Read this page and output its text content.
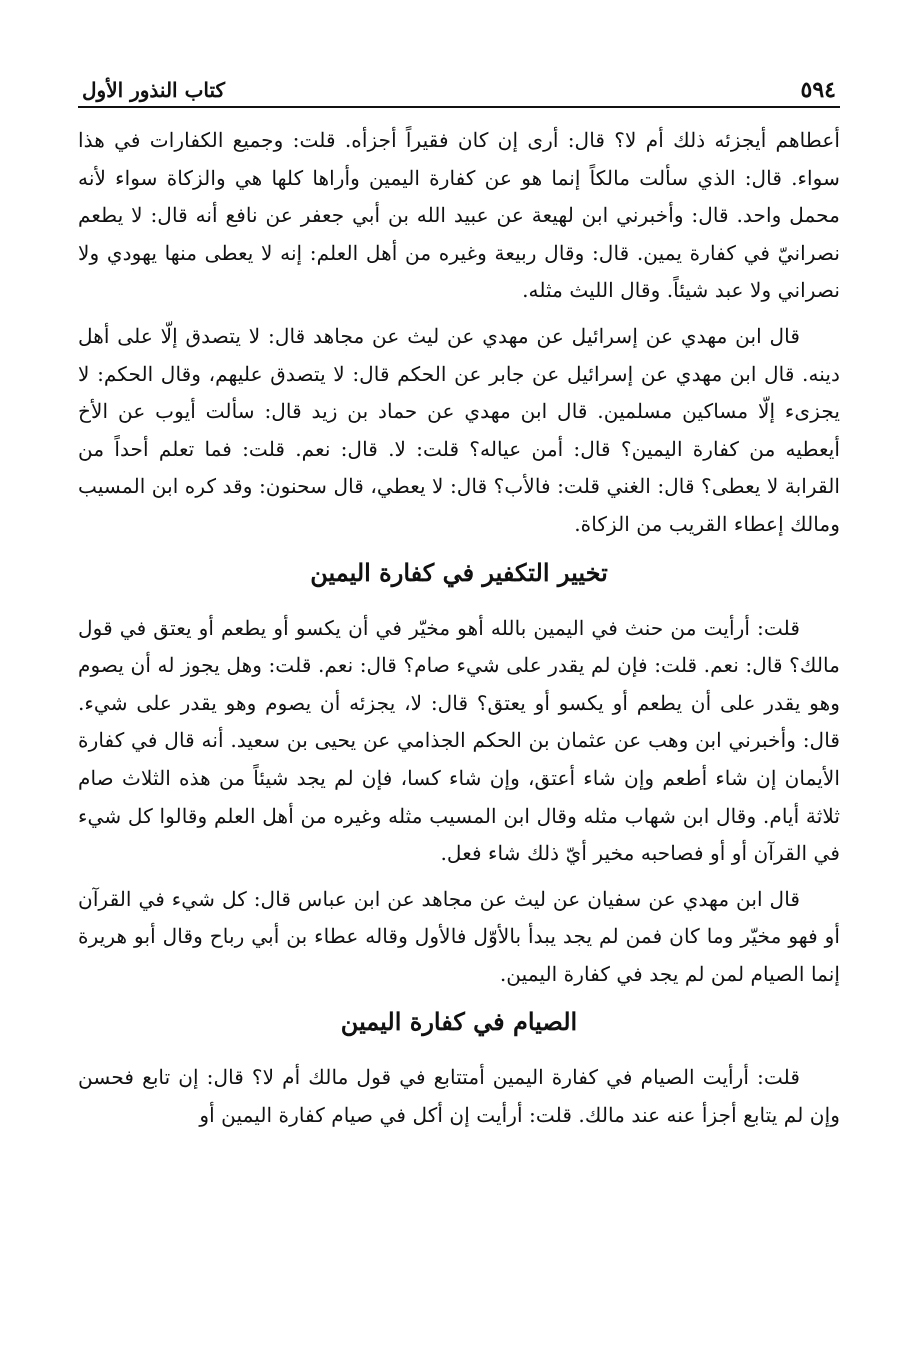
٥٩٤
كتاب النذور الأول

أعطاهم أيجزئه ذلك أم لا؟ قال: أرى إن كان فقيراً أجزأه. قلت: وجميع الكفارات في هذا سواء. قال: الذي سألت مالكاً إنما هو عن كفارة اليمين وأراها كلها هي والزكاة سواء لأنه محمل واحد. قال: وأخبرني ابن لهيعة عن عبيد الله بن أبي جعفر عن نافع أنه قال: لا يطعم نصرانيّ في كفارة يمين. قال: وقال ربيعة وغيره من أهل العلم: إنه لا يعطى منها يهودي ولا نصراني ولا عبد شيئاً. وقال الليث مثله.

قال ابن مهدي عن إسرائيل عن مهدي عن ليث عن مجاهد قال: لا يتصدق إلّا على أهل دينه. قال ابن مهدي عن إسرائيل عن جابر عن الحكم قال: لا يتصدق عليهم، وقال الحكم: لا يجزىء إلّا مساكين مسلمين. قال ابن مهدي عن حماد بن زيد قال: سألت أيوب عن الأخ أيعطيه من كفارة اليمين؟ قال: أمن عياله؟ قلت: لا. قال: نعم. قلت: فما تعلم أحداً من القرابة لا يعطى؟ قال: الغني قلت: فالأب؟ قال: لا يعطي، قال سحنون: وقد كره ابن المسيب ومالك إعطاء القريب من الزكاة.

تخيير التكفير في كفارة اليمين

قلت: أرأيت من حنث في اليمين بالله أهو مخيّر في أن يكسو أو يطعم أو يعتق في قول مالك؟ قال: نعم. قلت: فإن لم يقدر على شيء صام؟ قال: نعم. قلت: وهل يجوز له أن يصوم وهو يقدر على أن يطعم أو يكسو أو يعتق؟ قال: لا، يجزئه أن يصوم وهو يقدر على شيء. قال: وأخبرني ابن وهب عن عثمان بن الحكم الجذامي عن يحيى بن سعيد. أنه قال في كفارة الأيمان إن شاء أطعم وإن شاء أعتق، وإن شاء كسا، فإن لم يجد شيئاً من هذه الثلاث صام ثلاثة أيام. وقال ابن شهاب مثله وقال ابن المسيب مثله وغيره من أهل العلم وقالوا كل شيء في القرآن أو أو فصاحبه مخير أيّ ذلك شاء فعل.

قال ابن مهدي عن سفيان عن ليث عن مجاهد عن ابن عباس قال: كل شيء في القرآن أو فهو مخيّر وما كان فمن لم يجد يبدأ بالأوّل فالأول وقاله عطاء بن أبي رباح وقال أبو هريرة إنما الصيام لمن لم يجد في كفارة اليمين.

الصيام في كفارة اليمين

قلت: أرأيت الصيام في كفارة اليمين أمتتابع في قول مالك أم لا؟ قال: إن تابع فحسن وإن لم يتابع أجزأ عنه عند مالك. قلت: أرأيت إن أكل في صيام كفارة اليمين أو
